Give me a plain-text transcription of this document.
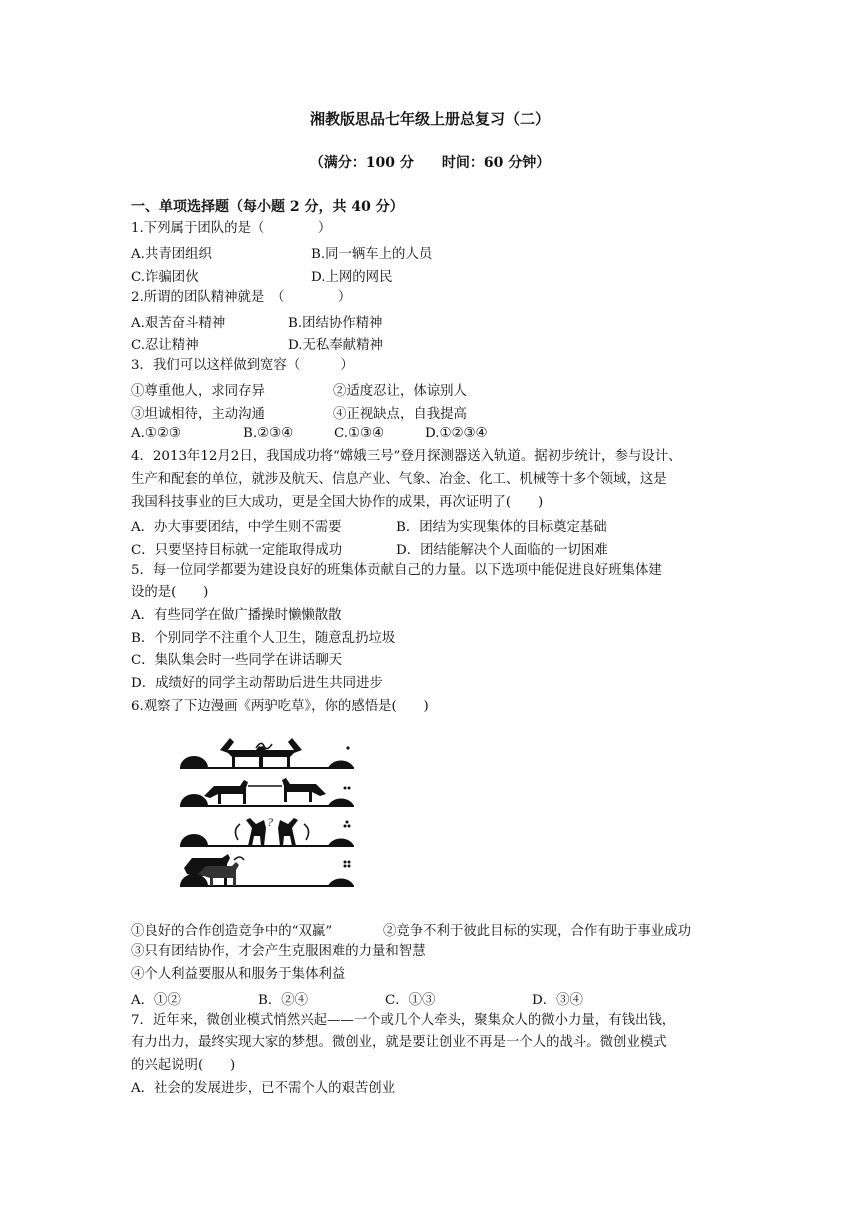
湘教版思品七年级上册总复习（二）
（满分：100 分　　时间：60 分钟）
一、单项选择题（每小题 2 分，共 40 分）
1.下列属于团队的是（　　　　）
A.共青团组织	B.同一辆车上的人员
C.诈骗团伙	D.上网的网民
2.所谓的团队精神就是　（　　　　）
A.艰苦奋斗精神	B.团结协作精神
C.忍让精神	D.无私奉献精神
3．我们可以这样做到宽容（　　　）
①尊重他人，求同存异	②适度忍让，体谅别人
③坦诚相待，主动沟通	④正视缺点，自我提高
A.①②③	B.②③④	C.①③④	D.①②③④
4．2013年12月2日，我国成功将“嫦娥三号”登月探测器送入轨道。据初步统计，参与设计、
生产和配套的单位，就涉及航天、信息产业、气象、冶金、化工、机械等十多个领域，这是
我国科技事业的巨大成功，更是全国大协作的成果，再次证明了(　　)
A．办大事要团结，中学生则不需要	B．团结为实现集体的目标奠定基础
C．只要坚持目标就一定能取得成功	D．团结能解决个人面临的一切困难
5．每一位同学都要为建设良好的班集体贡献自己的力量。以下选项中能促进良好班集体建
设的是(　　)
A．有些同学在做广播操时懒懒散散
B．个别同学不注重个人卫生，随意乱扔垃圾
C．集队集会时一些同学在讲话聊天
D．成绩好的同学主动帮助后进生共同进步
6.观察了下边漫画《两驴吃草》，你的感悟是(　　)
?
①良好的合作创造竞争中的“双赢”	②竞争不利于彼此目标的实现，合作有助于事业成功
③只有团结协作，才会产生克服困难的力量和智慧
④个人利益要服从和服务于集体利益
A．①②	B．②④	C．①③	D．③④
7．近年来，微创业模式悄然兴起——一个或几个人牵头，聚集众人的微小力量，有钱出钱，
有力出力，最终实现大家的梦想。微创业，就是要让创业不再是一个人的战斗。微创业模式
的兴起说明(　　)
A．社会的发展进步，已不需个人的艰苦创业
